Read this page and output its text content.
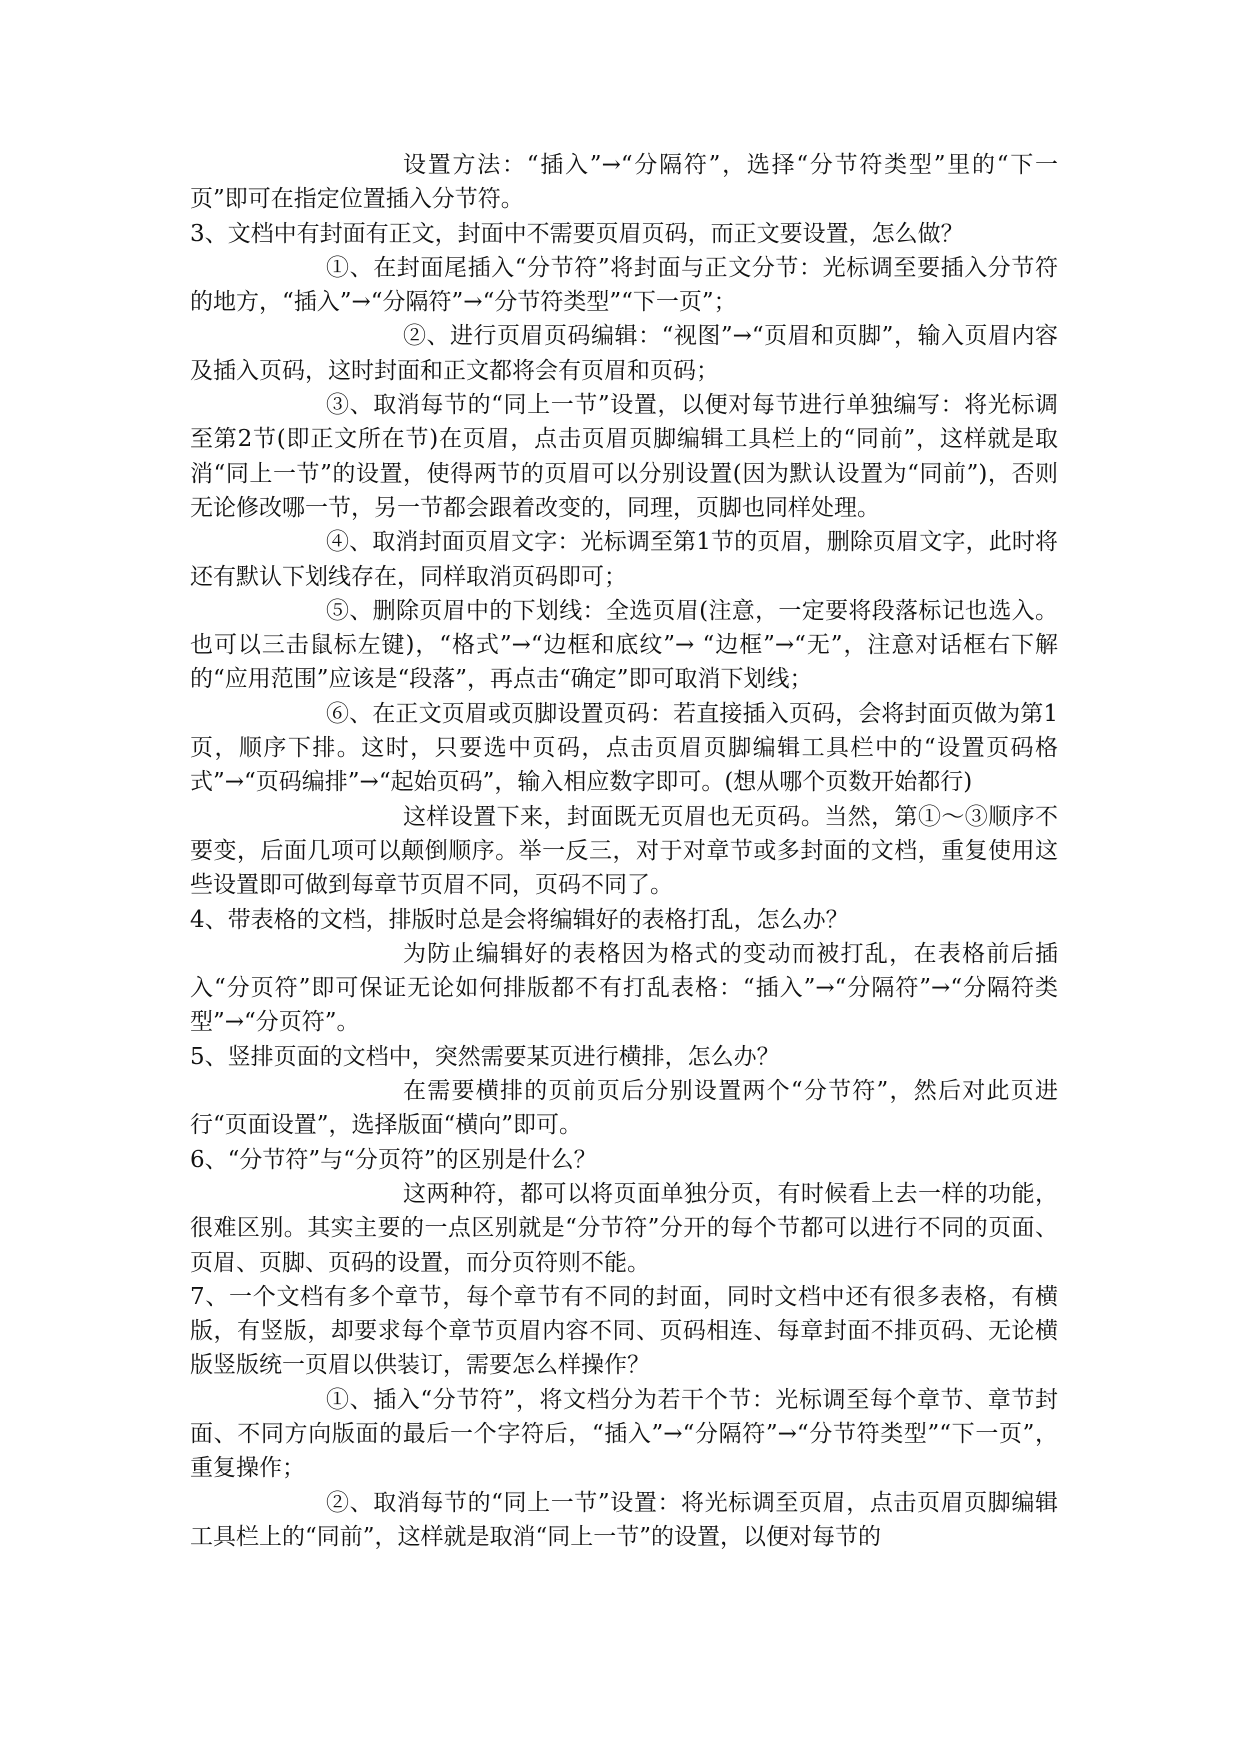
设置方法：“插入”→“分隔符”，选择“分节符类型”里的“下一页”即可在指定位置插入分节符。

3、文档中有封面有正文，封面中不需要页眉页码，而正文要设置，怎么做？

①、在封面尾插入“分节符”将封面与正文分节：光标调至要插入分节符的地方，“插入”→“分隔符”→“分节符类型”“下一页”；

②、进行页眉页码编辑：“视图”→“页眉和页脚”，输入页眉内容及插入页码，这时封面和正文都将会有页眉和页码；

③、取消每节的“同上一节”设置，以便对每节进行单独编写：将光标调至第2节(即正文所在节)在页眉，点击页眉页脚编辑工具栏上的“同前”，这样就是取消“同上一节”的设置，使得两节的页眉可以分别设置(因为默认设置为“同前”)，否则无论修改哪一节，另一节都会跟着改变的，同理，页脚也同样处理。

④、取消封面页眉文字：光标调至第1节的页眉，删除页眉文字，此时将还有默认下划线存在，同样取消页码即可；

⑤、删除页眉中的下划线：全选页眉(注意，一定要将段落标记也选入。也可以三击鼠标左键)，“格式”→“边框和底纹”→ “边框”→“无”，注意对话框右下解的“应用范围”应该是“段落”，再点击“确定”即可取消下划线；

⑥、在正文页眉或页脚设置页码：若直接插入页码，会将封面页做为第1页，顺序下排。这时，只要选中页码，点击页眉页脚编辑工具栏中的“设置页码格式”→“页码编排”→“起始页码”，输入相应数字即可。(想从哪个页数开始都行)

这样设置下来，封面既无页眉也无页码。当然，第①～③顺序不要变，后面几项可以颠倒顺序。举一反三，对于对章节或多封面的文档，重复使用这些设置即可做到每章节页眉不同，页码不同了。

4、带表格的文档，排版时总是会将编辑好的表格打乱，怎么办？

为防止编辑好的表格因为格式的变动而被打乱，在表格前后插入“分页符”即可保证无论如何排版都不有打乱表格：“插入”→“分隔符”→“分隔符类型”→“分页符”。

5、竖排页面的文档中，突然需要某页进行横排，怎么办？

在需要横排的页前页后分别设置两个“分节符”，然后对此页进行“页面设置”，选择版面“横向”即可。

6、“分节符”与“分页符”的区别是什么？

这两种符，都可以将页面单独分页，有时候看上去一样的功能，很难区别。其实主要的一点区别就是“分节符”分开的每个节都可以进行不同的页面、页眉、页脚、页码的设置，而分页符则不能。

7、一个文档有多个章节，每个章节有不同的封面，同时文档中还有很多表格，有横版，有竖版，却要求每个章节页眉内容不同、页码相连、每章封面不排页码、无论横版竖版统一页眉以供装订，需要怎么样操作？

①、插入“分节符”，将文档分为若干个节：光标调至每个章节、章节封面、不同方向版面的最后一个字符后，“插入”→“分隔符”→“分节符类型”“下一页”，重复操作；

②、取消每节的“同上一节”设置：将光标调至页眉，点击页眉页脚编辑工具栏上的“同前”，这样就是取消“同上一节”的设置，以便对每节的
